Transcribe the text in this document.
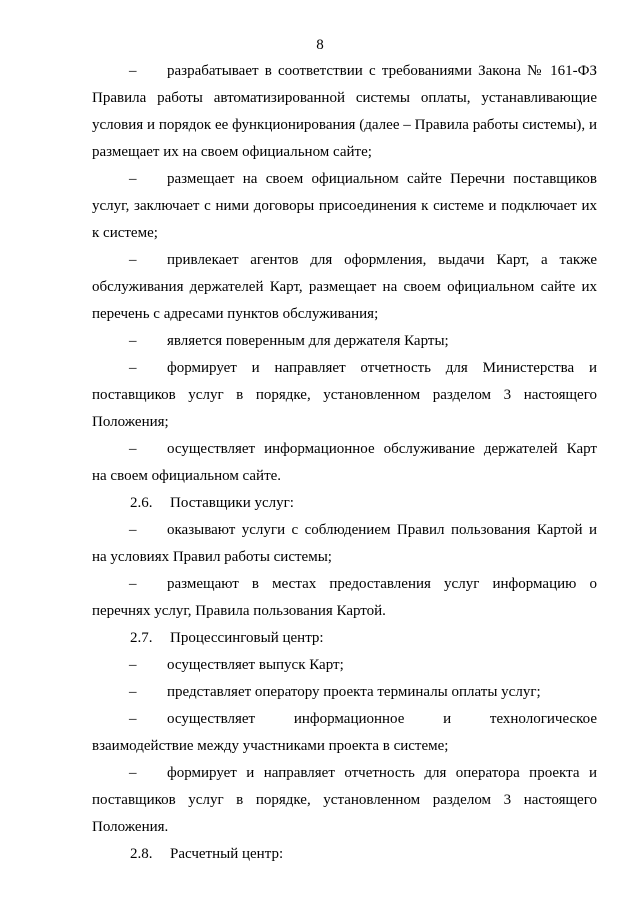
8
–	разрабатывает в соответствии с требованиями Закона № 161-ФЗ
Правила работы автоматизированной системы оплаты, устанавливающие условия и порядок ее функционирования (далее – Правила работы системы), и размещает их на своем официальном сайте;
–	размещает на своем официальном сайте Перечни поставщиков
услуг, заключает с ними договоры присоединения к системе и подключает их к системе;
–	привлекает агентов для оформления, выдачи Карт, а также
обслуживания держателей Карт, размещает на своем официальном сайте их перечень с адресами пунктов обслуживания;
–	является поверенным для держателя Карты;
–	формирует и направляет отчетность для Министерства и
поставщиков услуг в порядке, установленном разделом 3 настоящего Положения;
–	осуществляет информационное обслуживание держателей Карт
на своем официальном сайте.
2.6. Поставщики услуг:
–	оказывают услуги с соблюдением Правил пользования Картой и
на условиях Правил работы системы;
–	размещают в местах предоставления услуг информацию о
перечнях услуг, Правила пользования Картой.
2.7. Процессинговый центр:
–	осуществляет выпуск Карт;
–	представляет оператору проекта терминалы оплаты услуг;
–	осуществляет информационное и технологическое
взаимодействие между участниками проекта в системе;
–	формирует и направляет отчетность для оператора проекта и
поставщиков услуг в порядке, установленном разделом 3 настоящего Положения.
2.8. Расчетный центр:
